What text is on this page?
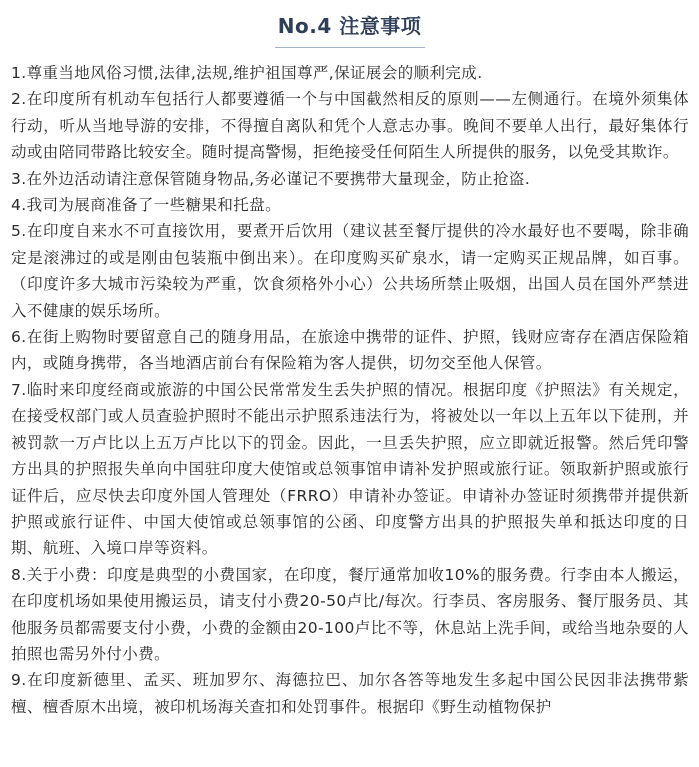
No.4 注意事项

1.尊重当地风俗习惯,法律,法规,维护祖国尊严,保证展会的顺利完成.

2.在印度所有机动车包括行人都要遵循一个与中国截然相反的原则——左侧通行。在境外须集体行动，听从当地导游的安排，不得擅自离队和凭个人意志办事。晚间不要单人出行，最好集体行动或由陪同带路比较安全。随时提高警惕，拒绝接受任何陌生人所提供的服务，以免受其欺诈。

3.在外边活动请注意保管随身物品,务必谨记不要携带大量现金，防止抢盗.

4.我司为展商准备了一些糖果和托盘。

5.在印度自来水不可直接饮用，要煮开后饮用（建议甚至餐厅提供的冷水最好也不要喝，除非确定是滚沸过的或是刚由包装瓶中倒出来）。在印度购买矿泉水，请一定购买正规品牌，如百事。（印度许多大城市污染较为严重，饮食须格外小心）公共场所禁止吸烟，出国人员在国外严禁进入不健康的娱乐场所。

6.在街上购物时要留意自己的随身用品，在旅途中携带的证件、护照，钱财应寄存在酒店保险箱内，或随身携带，各当地酒店前台有保险箱为客人提供，切勿交至他人保管。

7.临时来印度经商或旅游的中国公民常常发生丢失护照的情况。根据印度《护照法》有关规定，在接受权部门或人员查验护照时不能出示护照系违法行为，将被处以一年以上五年以下徒刑，并被罚款一万卢比以上五万卢比以下的罚金。因此，一旦丢失护照，应立即就近报警。然后凭印警方出具的护照报失单向中国驻印度大使馆或总领事馆申请补发护照或旅行证。领取新护照或旅行证件后，应尽快去印度外国人管理处（FRRO）申请补办签证。申请补办签证时须携带并提供新护照或旅行证件、中国大使馆或总领事馆的公函、印度警方出具的护照报失单和抵达印度的日期、航班、入境口岸等资料。

8.关于小费：印度是典型的小费国家，在印度，餐厅通常加收10%的服务费。行李由本人搬运，在印度机场如果使用搬运员，请支付小费20-50卢比/每次。行李员、客房服务、餐厅服务员、其他服务员都需要支付小费，小费的金额由20-100卢比不等，休息站上洗手间，或给当地杂耍的人拍照也需另外付小费。

9.在印度新德里、孟买、班加罗尔、海德拉巴、加尔各答等地发生多起中国公民因非法携带紫檀、檀香原木出境，被印机场海关查扣和处罚事件。根据印《野生动植物保护
